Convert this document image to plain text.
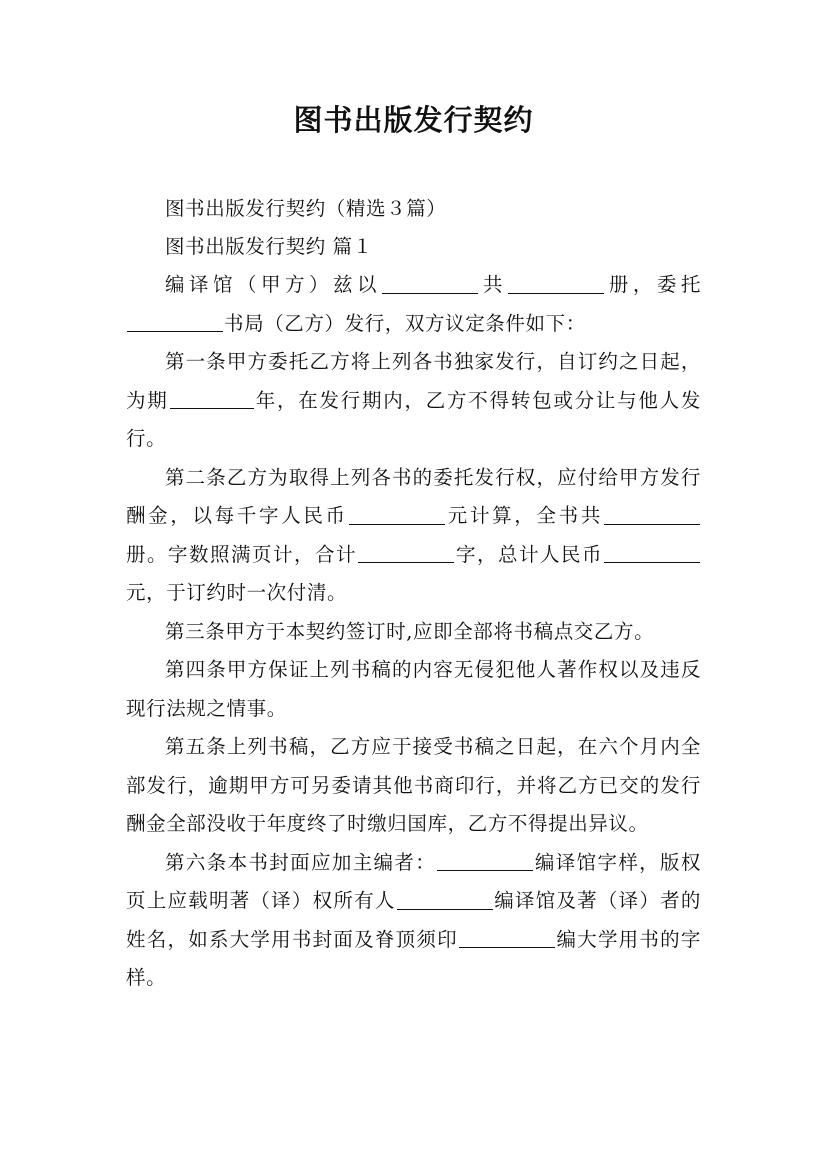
图书出版发行契约

图书出版发行契约（精选３篇）

图书出版发行契约 篇１

编译馆（甲方）兹以	共	册，委托书局（乙方）发行，双方议定条件如下：

第一条甲方委托乙方将上列各书独家发行，自订约之日起，为期	年，在发行期内，乙方不得转包或分让与他人发行。

第二条乙方为取得上列各书的委托发行权，应付给甲方发行酬金，以每千字人民币	元计算，全书共册。字数照满页计，合计	字，总计人民币元，于订约时一次付清。

第三条甲方于本契约签订时,应即全部将书稿点交乙方。

第四条甲方保证上列书稿的内容无侵犯他人著作权以及违反现行法规之情事。

第五条上列书稿，乙方应于接受书稿之日起，在六个月内全部发行，逾期甲方可另委请其他书商印行，并将乙方已交的发行酬金全部没收于年度终了时缴归国库，乙方不得提出异议。

第六条本书封面应加主编者：	编译馆字样，版权页上应载明著（译）权所有人	编译馆及著（译）者的姓名，如系大学用书封面及脊顶须印	编大学用书的字样。
